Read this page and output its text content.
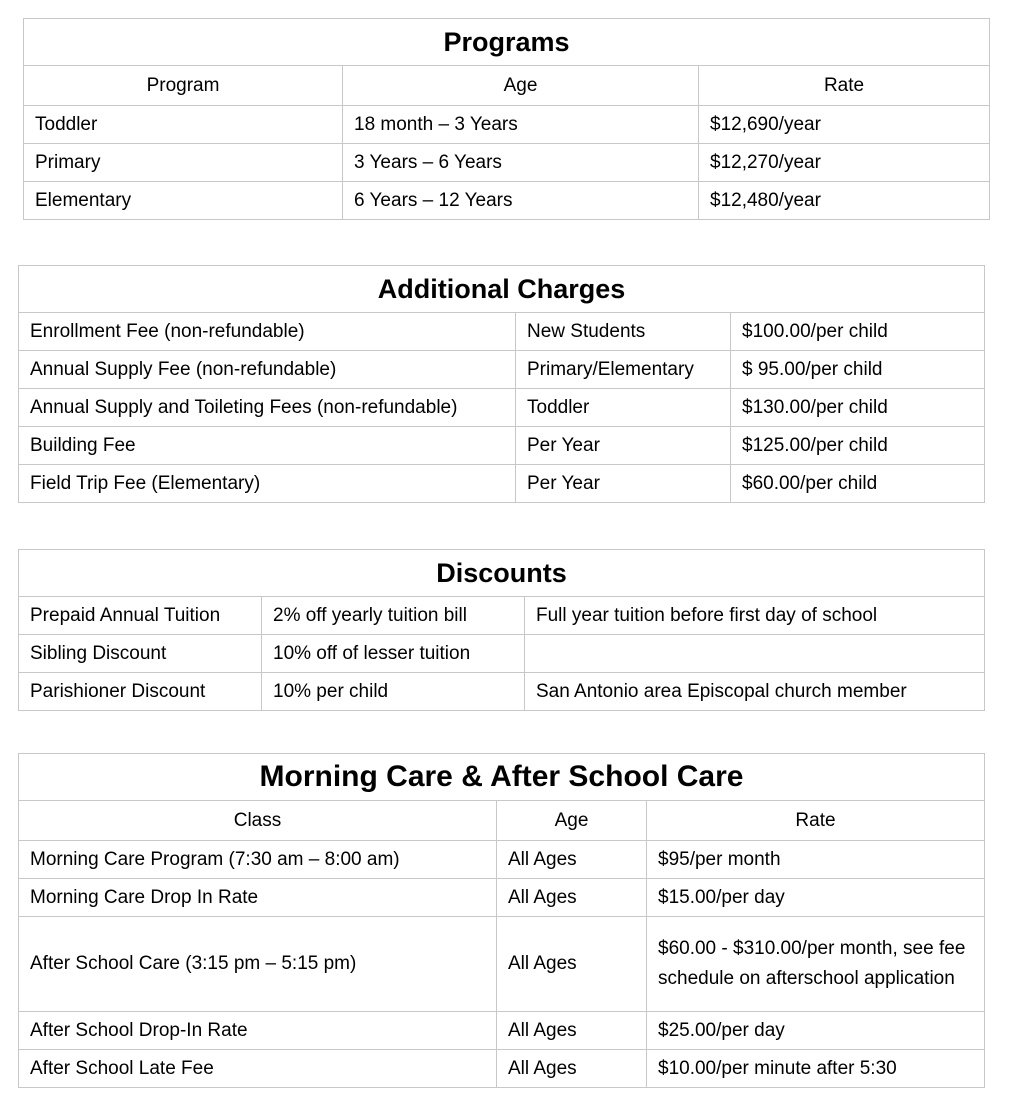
Programs		
Program	Age	Rate
Toddler	18 month – 3 Years	$12,690/year
Primary	3 Years – 6 Years	$12,270/year
Elementary	6 Years – 12 Years	$12,480/year
Additional Charges		
Enrollment Fee (non-refundable)	New Students	$100.00/per child
Annual Supply Fee (non-refundable)	Primary/Elementary	$ 95.00/per child
Annual Supply and Toileting Fees (non-refundable)	Toddler	$130.00/per child
Building Fee	Per Year	$125.00/per child
Field Trip Fee (Elementary)	Per Year	$60.00/per child
Discounts		
Prepaid Annual Tuition	2% off yearly tuition bill	Full year tuition before first day of school
Sibling Discount	10% off of lesser tuition	
Parishioner Discount	10% per child	San Antonio area Episcopal church member
Morning Care & After School Care		
Class	Age	Rate
Morning Care Program (7:30 am – 8:00 am)	All Ages	$95/per month
Morning Care Drop In Rate	All Ages	$15.00/per day
After School Care (3:15 pm – 5:15 pm)	All Ages	$60.00 - $310.00/per month, see fee schedule on afterschool application
After School Drop-In Rate	All Ages	$25.00/per day
After School Late Fee	All Ages	$10.00/per minute after 5:30
